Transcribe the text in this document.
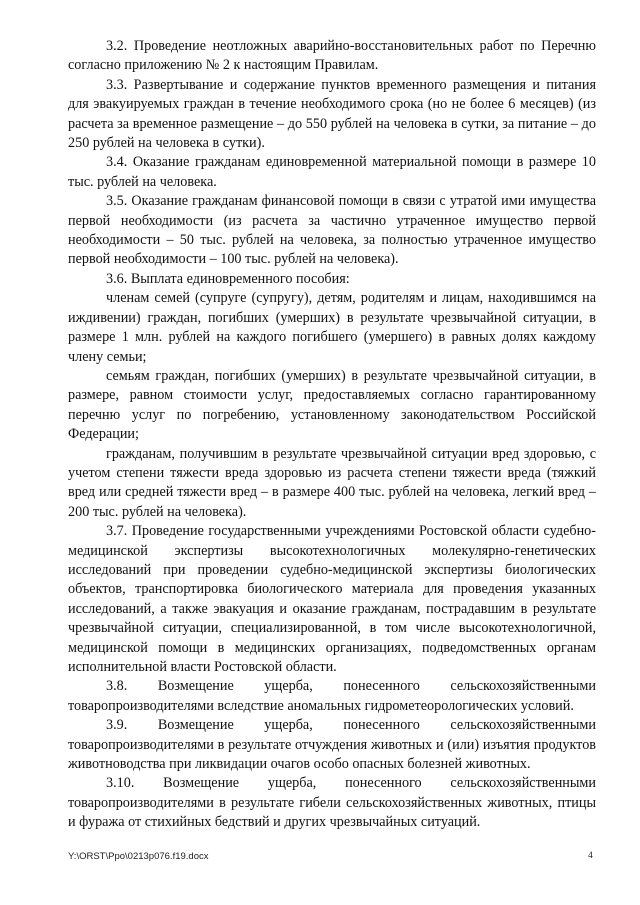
3.2. Проведение неотложных аварийно-восстановительных работ по Перечню согласно приложению № 2 к настоящим Правилам.

3.3. Развертывание и содержание пунктов временного размещения и питания для эвакуируемых граждан в течение необходимого срока (но не более 6 месяцев) (из расчета за временное размещение – до 550 рублей на человека в сутки, за питание – до 250 рублей на человека в сутки).

3.4. Оказание гражданам единовременной материальной помощи в размере 10 тыс. рублей на человека.

3.5. Оказание гражданам финансовой помощи в связи с утратой ими имущества первой необходимости (из расчета за частично утраченное имущество первой необходимости – 50 тыс. рублей на человека, за полностью утраченное имущество первой необходимости – 100 тыс. рублей на человека).

3.6. Выплата единовременного пособия:

членам семей (супруге (супругу), детям, родителям и лицам, находившимся на иждивении) граждан, погибших (умерших) в результате чрезвычайной ситуации, в размере 1 млн. рублей на каждого погибшего (умершего) в равных долях каждому члену семьи;

семьям граждан, погибших (умерших) в результате чрезвычайной ситуации, в размере, равном стоимости услуг, предоставляемых согласно гарантированному перечню услуг по погребению, установленному законодательством Российской Федерации;

гражданам, получившим в результате чрезвычайной ситуации вред здоровью, с учетом степени тяжести вреда здоровью из расчета степени тяжести вреда (тяжкий вред или средней тяжести вред – в размере 400 тыс. рублей на человека, легкий вред – 200 тыс. рублей на человека).

3.7. Проведение государственными учреждениями Ростовской области судебно-медицинской экспертизы высокотехнологичных молекулярно-генетических исследований при проведении судебно-медицинской экспертизы биологических объектов, транспортировка биологического материала для проведения указанных исследований, а также эвакуация и оказание гражданам, пострадавшим в результате чрезвычайной ситуации, специализированной, в том числе высокотехнологичной, медицинской помощи в медицинских организациях, подведомственных органам исполнительной власти Ростовской области.

3.8. Возмещение ущерба, понесенного сельскохозяйственными товаропроизводителями вследствие аномальных гидрометеорологических условий.

3.9. Возмещение ущерба, понесенного сельскохозяйственными товаропроизводителями в результате отчуждения животных и (или) изъятия продуктов животноводства при ликвидации очагов особо опасных болезней животных.

3.10. Возмещение ущерба, понесенного сельскохозяйственными товаропроизводителями в результате гибели сельскохозяйственных животных, птицы и фуража от стихийных бедствий и других чрезвычайных ситуаций.

Y:\ORST\Ppo\0213p076.f19.docx	4
